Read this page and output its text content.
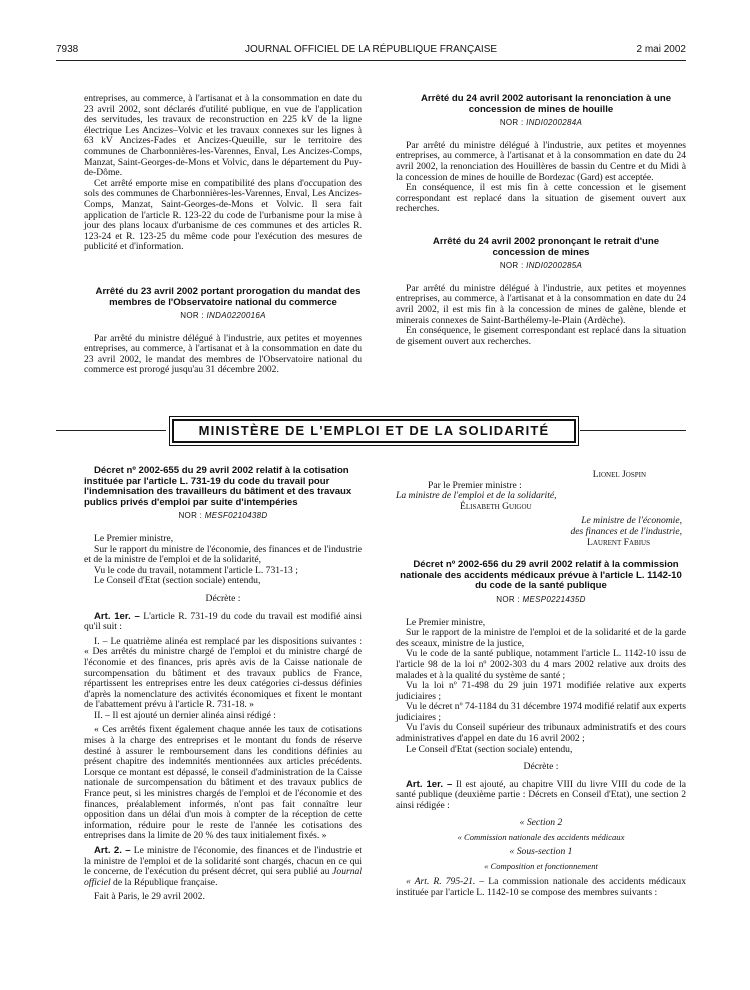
7938	JOURNAL OFFICIEL DE LA RÉPUBLIQUE FRANÇAISE	2 mai 2002

entreprises, au commerce, à l'artisanat et à la consommation en date du 23 avril 2002, sont déclarés d'utilité publique, en vue de l'application des servitudes, les travaux de reconstruction en 225 kV de la ligne électrique Les Ancizes–Volvic et les travaux connexes sur les lignes à 63 kV Ancizes-Fades et Ancizes-Queuille, sur le territoire des communes de Charbonnières-les-Varennes, Enval, Les Ancizes-Comps, Manzat, Saint-Georges-de-Mons et Volvic, dans le département du Puy-de-Dôme.

Cet arrêté emporte mise en compatibilité des plans d'occupation des sols des communes de Charbonnières-les-Varennes, Enval, Les Ancizes-Comps, Manzat, Saint-Georges-de-Mons et Volvic. Il sera fait application de l'article R. 123-22 du code de l'urbanisme pour la mise à jour des plans locaux d'urbanisme de ces communes et des articles R. 123-24 et R. 123-25 du même code pour l'exécution des mesures de publicité et d'information.

Arrêté du 23 avril 2002 portant prorogation du mandat des membres de l'Observatoire national du commerce

NOR : INDA0220016A

Par arrêté du ministre délégué à l'industrie, aux petites et moyennes entreprises, au commerce, à l'artisanat et à la consommation en date du 23 avril 2002, le mandat des membres de l'Observatoire national du commerce est prorogé jusqu'au 31 décembre 2002.

Arrêté du 24 avril 2002 autorisant la renonciation à une concession de mines de houille

NOR : INDI0200284A

Par arrêté du ministre délégué à l'industrie, aux petites et moyennes entreprises, au commerce, à l'artisanat et à la consommation en date du 24 avril 2002, la renonciation des Houillères de bassin du Centre et du Midi à la concession de mines de houille de Bordezac (Gard) est acceptée.

En conséquence, il est mis fin à cette concession et le gisement correspondant est replacé dans la situation de gisement ouvert aux recherches.

Arrêté du 24 avril 2002 prononçant le retrait d'une concession de mines

NOR : INDI0200285A

Par arrêté du ministre délégué à l'industrie, aux petites et moyennes entreprises, au commerce, à l'artisanat et à la consommation en date du 24 avril 2002, il est mis fin à la concession de mines de galène, blende et minerais connexes de Saint-Barthélemy-le-Plain (Ardèche).

En conséquence, le gisement correspondant est replacé dans la situation de gisement ouvert aux recherches.

MINISTÈRE DE L'EMPLOI ET DE LA SOLIDARITÉ

Décret nº 2002-655 du 29 avril 2002 relatif à la cotisation instituée par l'article L. 731-19 du code du travail pour l'indemnisation des travailleurs du bâtiment et des travaux publics privés d'emploi par suite d'intempéries

NOR : MESF0210438D

Le Premier ministre,

Sur le rapport du ministre de l'économie, des finances et de l'industrie et de la ministre de l'emploi et de la solidarité,

Vu le code du travail, notamment l'article L. 731-13 ;

Le Conseil d'Etat (section sociale) entendu,

Décrète :

Art. 1er. – L'article R. 731-19 du code du travail est modifié ainsi qu'il suit :

I. – Le quatrième alinéa est remplacé par les dispositions suivantes : « Des arrêtés du ministre chargé de l'emploi et du ministre chargé de l'économie et des finances, pris après avis de la Caisse nationale de surcompensation du bâtiment et des travaux publics de France, répartissent les entreprises entre les deux catégories ci-dessus définies d'après la nomenclature des activités économiques et fixent le montant de l'abattement prévu à l'article R. 731-18. »

II. – Il est ajouté un dernier alinéa ainsi rédigé :

« Ces arrêtés fixent également chaque année les taux de cotisations mises à la charge des entreprises et le montant du fonds de réserve destiné à assurer le remboursement dans les conditions définies au présent chapitre des indemnités mentionnées aux articles précédents. Lorsque ce montant est dépassé, le conseil d'administration de la Caisse nationale de surcompensation du bâtiment et des travaux publics de France peut, si les ministres chargés de l'emploi et de l'économie et des finances, préalablement informés, n'ont pas fait connaître leur opposition dans un délai d'un mois à compter de la réception de cette information, réduire pour le reste de l'année les cotisations des entreprises dans la limite de 20 % des taux initialement fixés. »

Art. 2. – Le ministre de l'économie, des finances et de l'industrie et la ministre de l'emploi et de la solidarité sont chargés, chacun en ce qui le concerne, de l'exécution du présent décret, qui sera publié au Journal officiel de la République française.

Fait à Paris, le 29 avril 2002.

Lionel Jospin

Par le Premier ministre :

La ministre de l'emploi et de la solidarité,

Élisabeth Guigou

Le ministre de l'économie,

des finances et de l'industrie,

Laurent Fabius

Décret nº 2002-656 du 29 avril 2002 relatif à la commission nationale des accidents médicaux prévue à l'article L. 1142-10 du code de la santé publique

NOR : MESP0221435D

Le Premier ministre,

Sur le rapport de la ministre de l'emploi et de la solidarité et de la garde des sceaux, ministre de la justice,

Vu le code de la santé publique, notamment l'article L. 1142-10 issu de l'article 98 de la loi nº 2002-303 du 4 mars 2002 relative aux droits des malades et à la qualité du système de santé ;

Vu la loi nº 71-498 du 29 juin 1971 modifiée relative aux experts judiciaires ;

Vu le décret nº 74-1184 du 31 décembre 1974 modifié relatif aux experts judiciaires ;

Vu l'avis du Conseil supérieur des tribunaux administratifs et des cours administratives d'appel en date du 16 avril 2002 ;

Le Conseil d'Etat (section sociale) entendu,

Décrète :

Art. 1er. – Il est ajouté, au chapitre VIII du livre VIII du code de la santé publique (deuxième partie : Décrets en Conseil d'Etat), une section 2 ainsi rédigée :

« Section 2

« Commission nationale des accidents médicaux

« Sous-section 1

« Composition et fonctionnement

« Art. R. 795-21. – La commission nationale des accidents médicaux instituée par l'article L. 1142-10 se compose des membres suivants :
